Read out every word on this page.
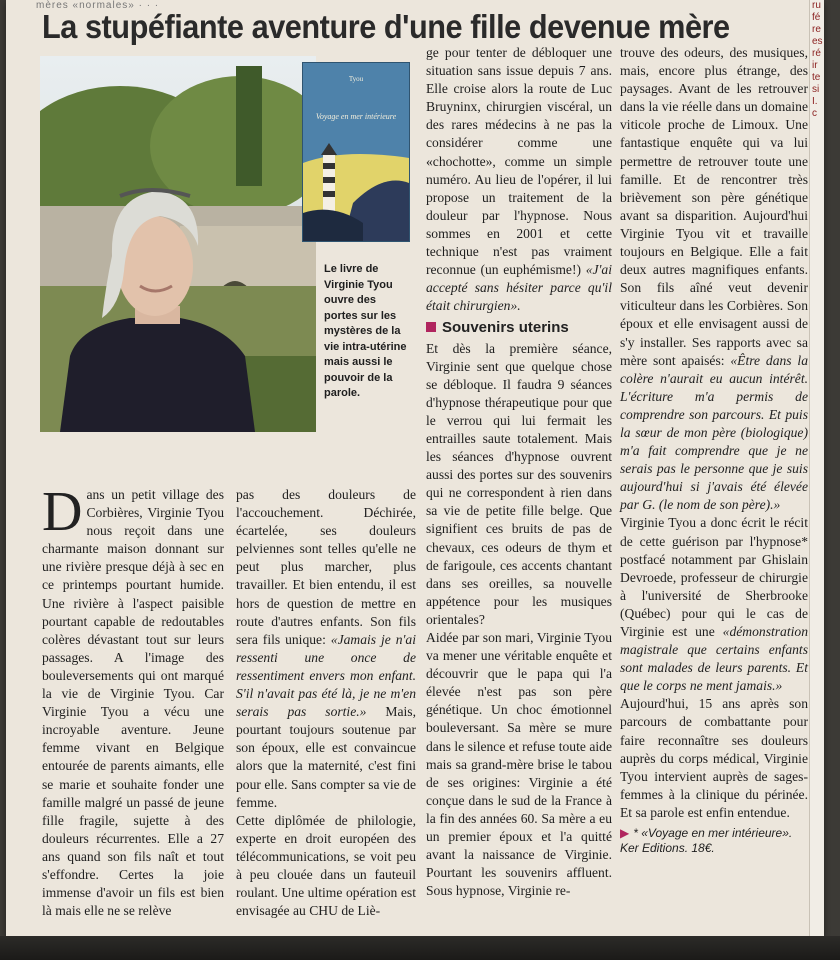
mères «normales» · · ·
La stupéfiante aventure d'une fille devenue mère
Tyou
Voyage en mer intérieure
Le livre de Virginie Tyou ouvre des portes sur les mystères de la vie intra-utérine mais aussi le pouvoir de la parole.

Dans un petit village des Corbières, Virginie Tyou nous reçoit dans une charmante maison donnant sur une rivière presque déjà à sec en ce printemps pourtant humide. Une rivière à l'aspect paisible pourtant capable de redoutables colères dévastant tout sur leurs passages. A l'image des bouleversements qui ont marqué la vie de Virginie Tyou. Car Virginie Tyou a vécu une incroyable aventure. Jeune femme vivant en Belgique entourée de parents aimants, elle se marie et souhaite fonder une famille malgré un passé de jeune fille fragile, sujette à des douleurs récurrentes. Elle a 27 ans quand son fils naît et tout s'effondre. Certes la joie immense d'avoir un fils est bien là mais elle ne se relève

pas des douleurs de l'accouchement. Déchirée, écartelée, ses douleurs pelviennes sont telles qu'elle ne peut plus marcher, plus travailler. Et bien entendu, il est hors de question de mettre en route d'autres enfants. Son fils sera fils unique: «Jamais je n'ai ressenti une once de ressentiment envers mon enfant. S'il n'avait pas été là, je ne m'en serais pas sortie.» Mais, pourtant toujours soutenue par son époux, elle est convaincue alors que la maternité, c'est fini pour elle. Sans compter sa vie de femme.

Cette diplômée de philologie, experte en droit européen des télécommunications, se voit peu à peu clouée dans un fauteuil roulant. Une ultime opération est envisagée au CHU de Liè-

ge pour tenter de débloquer une situation sans issue depuis 7 ans. Elle croise alors la route de Luc Bruyninx, chirurgien viscéral, un des rares médecins à ne pas la considérer comme une «chochotte», comme un simple numéro. Au lieu de l'opérer, il lui propose un traitement de la douleur par l'hypnose. Nous sommes en 2001 et cette technique n'est pas vraiment reconnue (un euphémisme!) «J'ai accepté sans hésiter parce qu'il était chirurgien».

Souvenirs uterins

Et dès la première séance, Virginie sent que quelque chose se débloque. Il faudra 9 séances d'hypnose thérapeutique pour que le verrou qui lui fermait les entrailles saute totalement. Mais les séances d'hypnose ouvrent aussi des portes sur des souvenirs qui ne correspondent à rien dans sa vie de petite fille belge. Que signifient ces bruits de pas de chevaux, ces odeurs de thym et de farigoule, ces accents chantant dans ses oreilles, sa nouvelle appétence pour les musiques orientales?

Aidée par son mari, Virginie Tyou va mener une véritable enquête et découvrir que le papa qui l'a élevée n'est pas son père génétique. Un choc émotionnel bouleversant. Sa mère se mure dans le silence et refuse toute aide mais sa grand-mère brise le tabou de ses origines: Virginie a été conçue dans le sud de la France à la fin des années 60. Sa mère a eu un premier époux et l'a quitté avant la naissance de Virginie. Pourtant les souvenirs affluent. Sous hypnose, Virginie re-

trouve des odeurs, des musiques, mais, encore plus étrange, des paysages. Avant de les retrouver dans la vie réelle dans un domaine viticole proche de Limoux. Une fantastique enquête qui va lui permettre de retrouver toute une famille. Et de rencontrer très brièvement son père génétique avant sa disparition. Aujourd'hui Virginie Tyou vit et travaille toujours en Belgique. Elle a fait deux autres magnifiques enfants. Son fils aîné veut devenir viticulteur dans les Corbières. Son époux et elle envisagent aussi de s'y installer. Ses rapports avec sa mère sont apaisés: «Être dans la colère n'aurait eu aucun intérêt. L'écriture m'a permis de comprendre son parcours. Et puis la sœur de mon père (biologique) m'a fait comprendre que je ne serais pas le personne que je suis aujourd'hui si j'avais été élevée par G. (le nom de son père).»

Virginie Tyou a donc écrit le récit de cette guérison par l'hypnose* postfacé notamment par Ghislain Devroede, professeur de chirurgie à l'université de Sherbrooke (Québec) pour qui le cas de Virginie est une «démonstration magistrale que certains enfants sont malades de leurs parents. Et que le corps ne ment jamais.»

Aujourd'hui, 15 ans après son parcours de combattante pour faire reconnaître ses douleurs auprès du corps médical, Virginie Tyou intervient auprès de sages-femmes à la clinique du périnée. Et sa parole est enfin entendue.

▶ * «Voyage en mer intérieure».
Ker Editions. 18€.
ru
fé
re
es
ré
ir
te
si
I.
c
